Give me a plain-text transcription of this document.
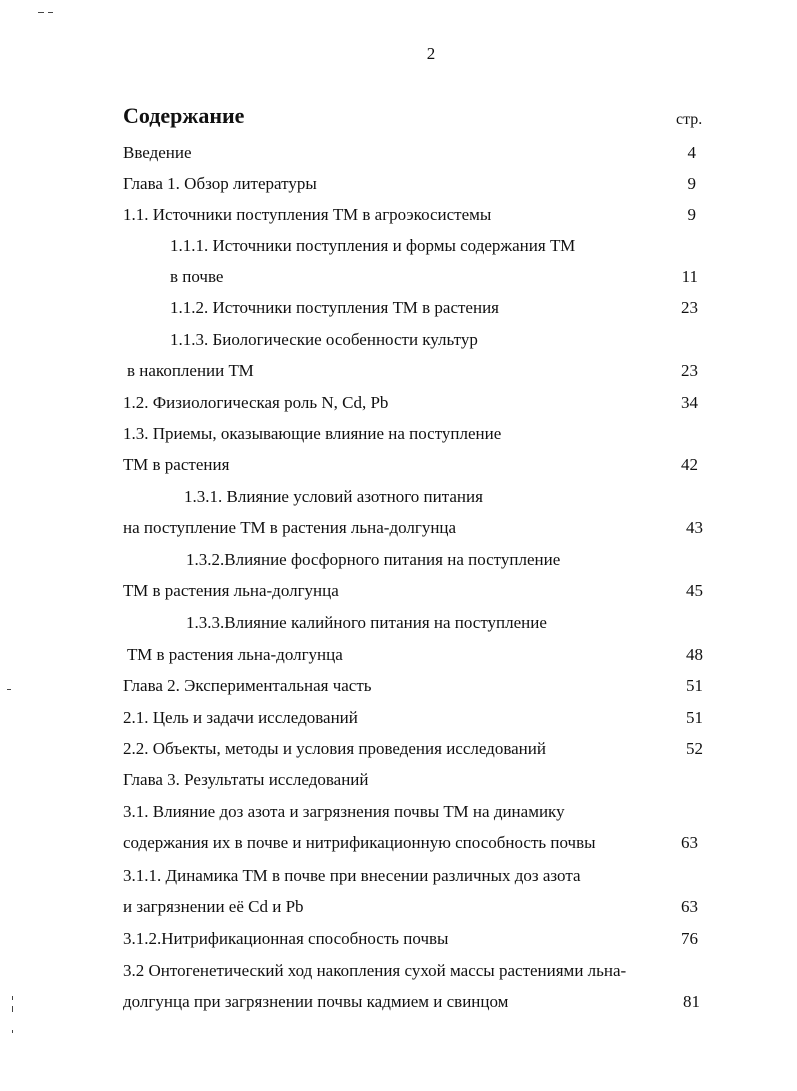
2
Содержание	стр.
Введение	4
Глава 1. Обзор литературы	9
1.1. Источники поступления ТМ в агроэкосистемы	9
1.1.1. Источники поступления и формы содержания ТМ
в почве	11
1.1.2. Источники поступления ТМ в растения	23
1.1.3. Биологические особенности культур
в накоплении ТМ	23
1.2. Физиологическая роль N, Cd, Pb	34
1.3. Приемы, оказывающие влияние на поступление
ТМ в растения	42
1.3.1. Влияние условий азотного питания
на поступление ТМ в растения льна-долгунца	43
1.3.2.Влияние фосфорного питания на поступление
ТМ в растения льна-долгунца	45
1.3.3.Влияние калийного питания на поступление
ТМ в растения льна-долгунца	48
Глава 2. Экспериментальная часть	51
2.1. Цель и задачи исследований	51
2.2. Объекты, методы и условия проведения исследований	52
Глава 3. Результаты исследований
3.1. Влияние доз азота и загрязнения почвы ТМ на динамику
содержания их в почве и нитрификационную способность почвы	63
3.1.1. Динамика ТМ в почве при внесении различных доз азота
и загрязнении её Cd и Pb	63
3.1.2.Нитрификационная способность почвы	76
3.2 Онтогенетический ход накопления сухой массы растениями льна-
долгунца при загрязнении почвы кадмием и свинцом	81
